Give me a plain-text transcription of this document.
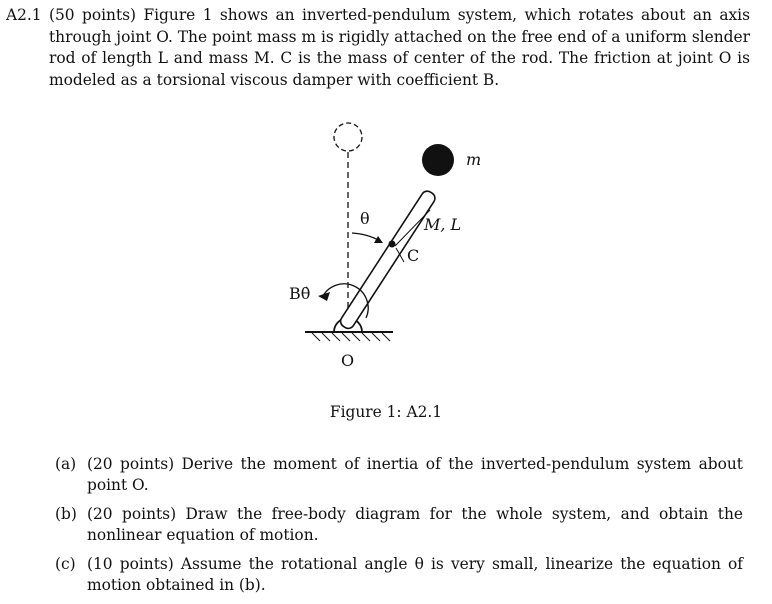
A2.1 (50 points) Figure 1 shows an inverted-pendulum system, which rotates about an axis through joint O. The point mass m is rigidly attached on the free end of a uniform slender rod of length L and mass M. C is the mass of center of the rod. The friction at joint O is modeled as a torsional viscous damper with coefficient B.
m
M, L
C
θ
Bθ̇
O
Figure 1: A2.1
(a) (20 points) Derive the moment of inertia of the inverted-pendulum system about point O.
(b) (20 points) Draw the free-body diagram for the whole system, and obtain the nonlinear equation of motion.
(c) (10 points) Assume the rotational angle θ is very small, linearize the equation of motion obtained in (b).
